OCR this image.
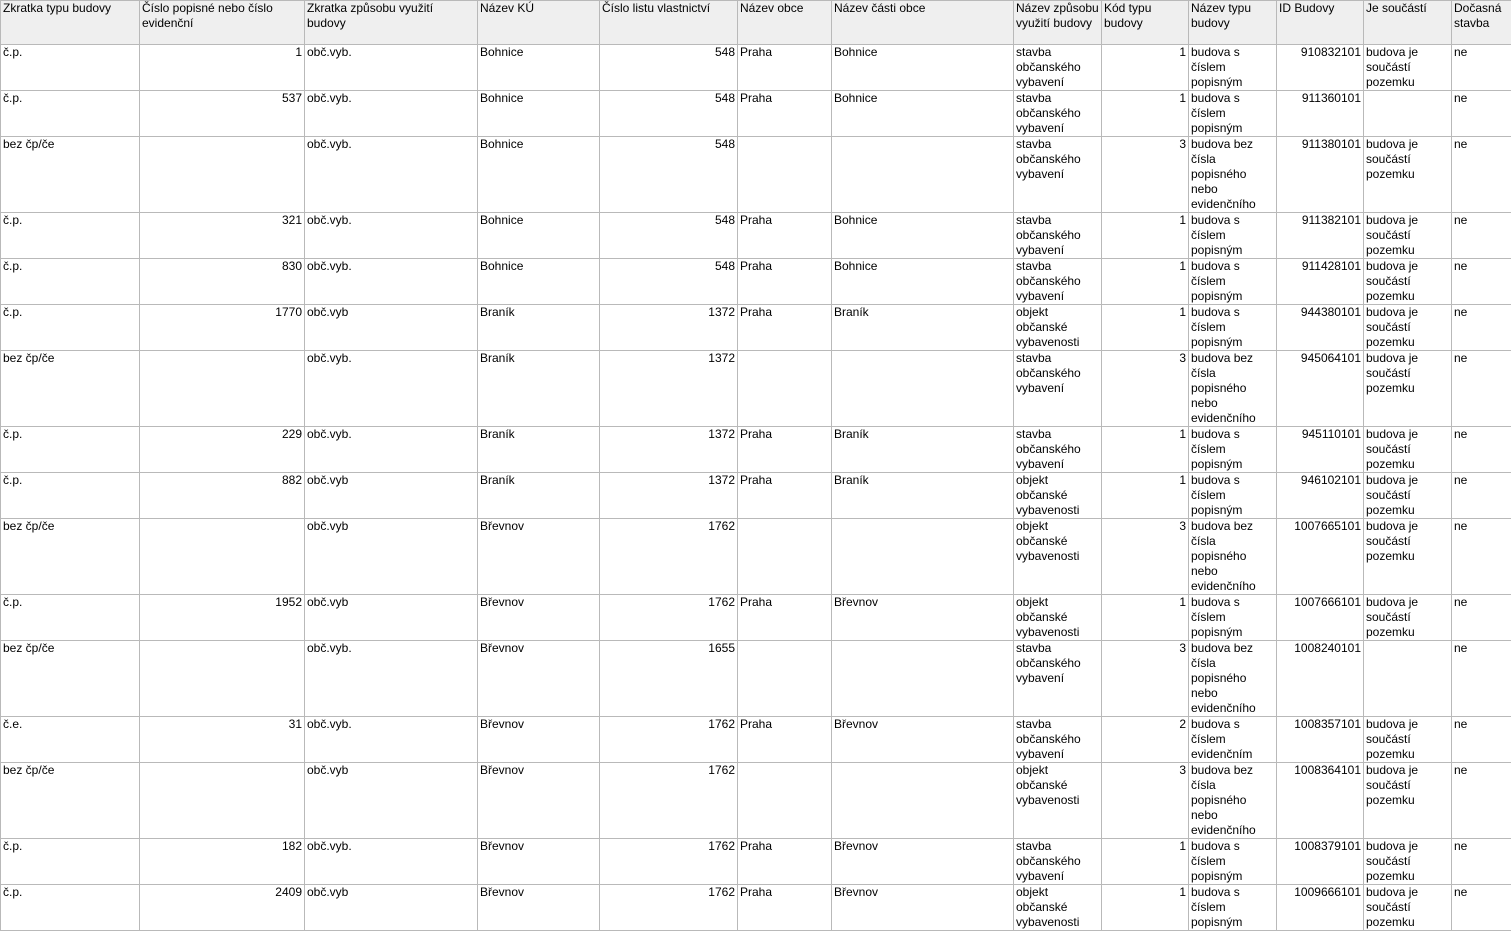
Zkratka typu budovy	Číslo popisné nebo číslo evidenční	Zkratka způsobu využití budovy	Název KÚ	Číslo listu vlastnictví	Název obce	Název části obce	Název způsobu využití budovy	Kód typu budovy	Název typu budovy	ID Budovy	Je součástí	Dočasná stavba
č.p.	1	obč.vyb.	Bohnice	548	Praha	Bohnice	stavba občanského vybavení	1	budova s číslem popisným	910832101	budova je součástí pozemku	ne
č.p.	537	obč.vyb.	Bohnice	548	Praha	Bohnice	stavba občanského vybavení	1	budova s číslem popisným	911360101		ne
bez čp/če		obč.vyb.	Bohnice	548			stavba občanského vybavení	3	budova bez čísla popisného nebo evidenčního	911380101	budova je součástí pozemku	ne
č.p.	321	obč.vyb.	Bohnice	548	Praha	Bohnice	stavba občanského vybavení	1	budova s číslem popisným	911382101	budova je součástí pozemku	ne
č.p.	830	obč.vyb.	Bohnice	548	Praha	Bohnice	stavba občanského vybavení	1	budova s číslem popisným	911428101	budova je součástí pozemku	ne
č.p.	1770	obč.vyb	Braník	1372	Praha	Braník	objekt občanské vybavenosti	1	budova s číslem popisným	944380101	budova je součástí pozemku	ne
bez čp/če		obč.vyb.	Braník	1372			stavba občanského vybavení	3	budova bez čísla popisného nebo evidenčního	945064101	budova je součástí pozemku	ne
č.p.	229	obč.vyb.	Braník	1372	Praha	Braník	stavba občanského vybavení	1	budova s číslem popisným	945110101	budova je součástí pozemku	ne
č.p.	882	obč.vyb	Braník	1372	Praha	Braník	objekt občanské vybavenosti	1	budova s číslem popisným	946102101	budova je součástí pozemku	ne
bez čp/če		obč.vyb	Břevnov	1762			objekt občanské vybavenosti	3	budova bez čísla popisného nebo evidenčního	1007665101	budova je součástí pozemku	ne
č.p.	1952	obč.vyb	Břevnov	1762	Praha	Břevnov	objekt občanské vybavenosti	1	budova s číslem popisným	1007666101	budova je součástí pozemku	ne
bez čp/če		obč.vyb.	Břevnov	1655			stavba občanského vybavení	3	budova bez čísla popisného nebo evidenčního	1008240101		ne
č.e.	31	obč.vyb.	Břevnov	1762	Praha	Břevnov	stavba občanského vybavení	2	budova s číslem evidenčním	1008357101	budova je součástí pozemku	ne
bez čp/če		obč.vyb	Břevnov	1762			objekt občanské vybavenosti	3	budova bez čísla popisného nebo evidenčního	1008364101	budova je součástí pozemku	ne
č.p.	182	obč.vyb.	Břevnov	1762	Praha	Břevnov	stavba občanského vybavení	1	budova s číslem popisným	1008379101	budova je součástí pozemku	ne
č.p.	2409	obč.vyb	Břevnov	1762	Praha	Břevnov	objekt občanské vybavenosti	1	budova s číslem popisným	1009666101	budova je součástí pozemku	ne
